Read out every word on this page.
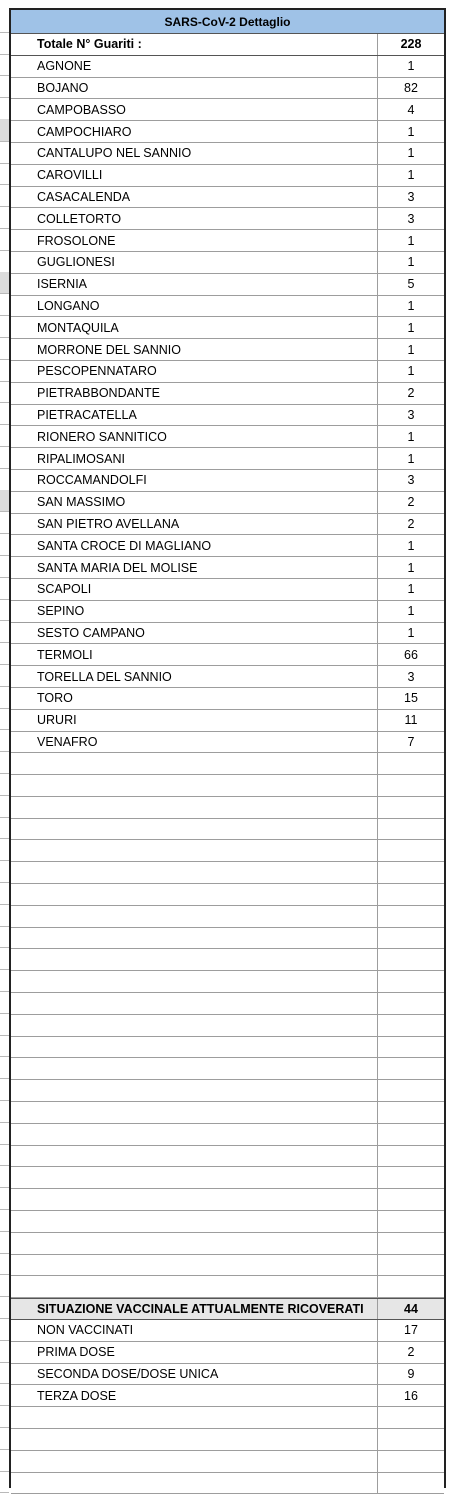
SARS-CoV-2 Dettaglio
Totale N° Guariti :	228
AGNONE	1
BOJANO	82
CAMPOBASSO	4
CAMPOCHIARO	1
CANTALUPO NEL SANNIO	1
CAROVILLI	1
CASACALENDA	3
COLLETORTO	3
FROSOLONE	1
GUGLIONESI	1
ISERNIA	5
LONGANO	1
MONTAQUILA	1
MORRONE DEL SANNIO	1
PESCOPENNATARO	1
PIETRABBONDANTE	2
PIETRACATELLA	3
RIONERO SANNITICO	1
RIPALIMOSANI	1
ROCCAMANDOLFI	3
SAN MASSIMO	2
SAN PIETRO AVELLANA	2
SANTA CROCE DI MAGLIANO	1
SANTA MARIA DEL MOLISE	1
SCAPOLI	1
SEPINO	1
SESTO CAMPANO	1
TERMOLI	66
TORELLA DEL SANNIO	3
TORO	15
URURI	11
VENAFRO	7
SITUAZIONE VACCINALE ATTUALMENTE RICOVERATI	44
NON VACCINATI	17
PRIMA DOSE	2
SECONDA DOSE/DOSE UNICA	9
TERZA DOSE	16
